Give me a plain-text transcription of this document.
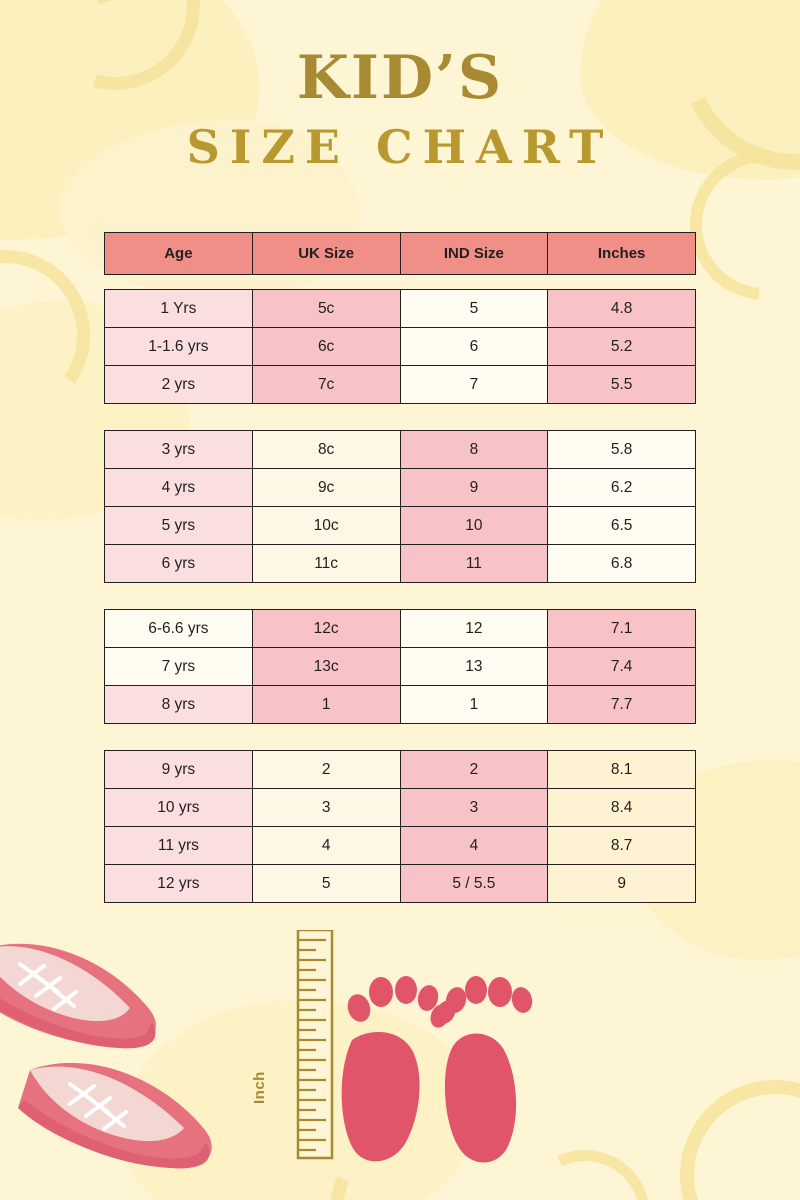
KID’S
SIZE CHART
Age	UK Size	IND Size	Inches
1 Yrs	5c	5	4.8
1-1.6 yrs	6c	6	5.2
2 yrs	7c	7	5.5
3 yrs	8c	8	5.8
4 yrs	9c	9	6.2
5 yrs	10c	10	6.5
6 yrs	11c	11	6.8
6-6.6 yrs	12c	12	7.1
7 yrs	13c	13	7.4
8 yrs	1	1	7.7
9 yrs	2	2	8.1
10 yrs	3	3	8.4
11 yrs	4	4	8.7
12 yrs	5	5 / 5.5	9
Inch
